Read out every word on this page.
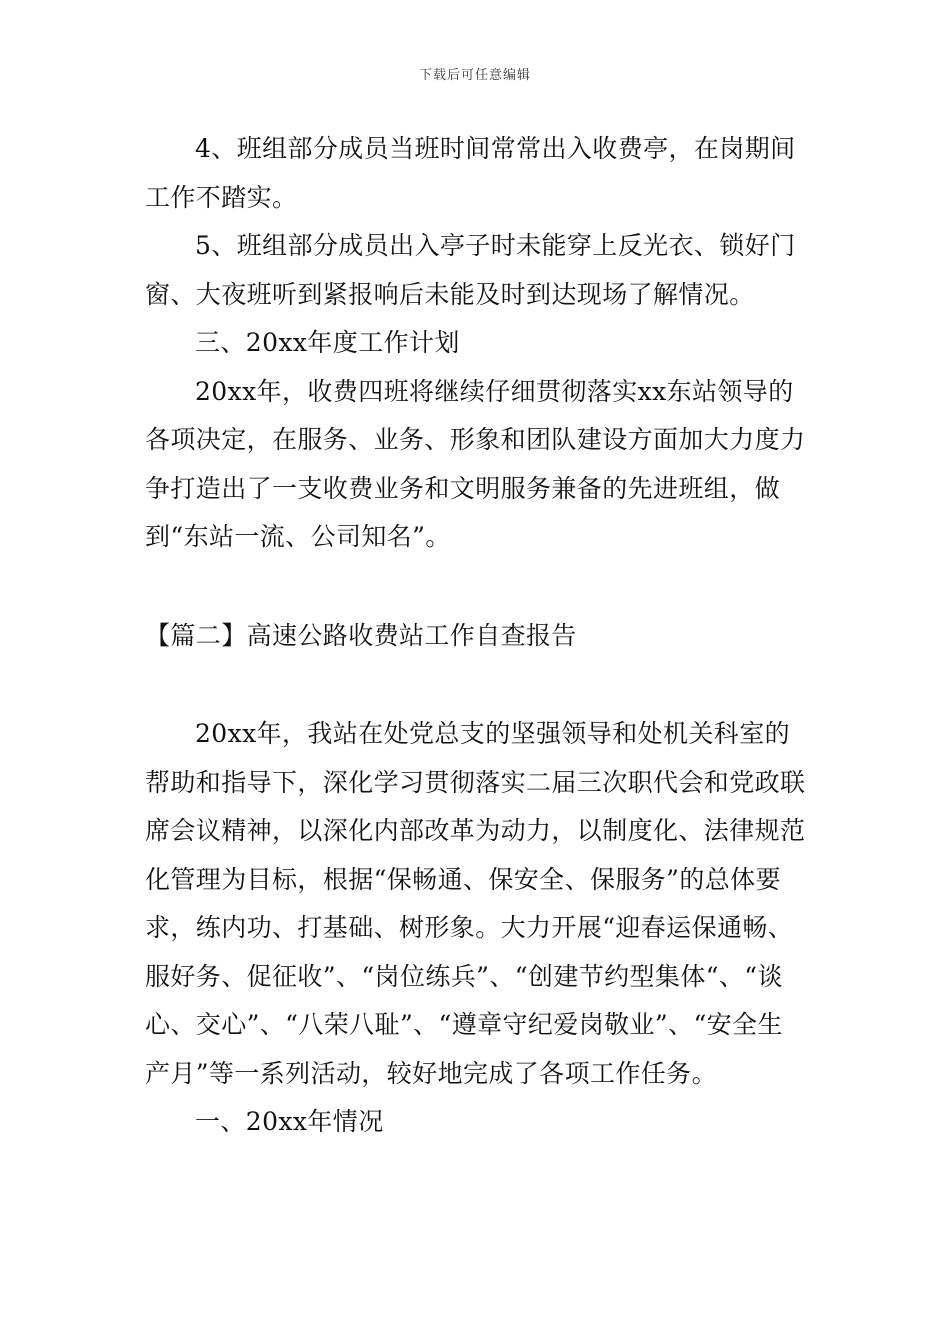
下载后可任意编辑

4、班组部分成员当班时间常常出入收费亭，在岗期间工作不踏实。

5、班组部分成员出入亭子时未能穿上反光衣、锁好门窗、大夜班听到紧报响后未能及时到达现场了解情况。

三、20xx年度工作计划

20xx年，收费四班将继续仔细贯彻落实xx东站领导的各项决定，在服务、业务、形象和团队建设方面加大力度力争打造出了一支收费业务和文明服务兼备的先进班组，做到“东站一流、公司知名”。

【篇二】高速公路收费站工作自查报告

20xx年，我站在处党总支的坚强领导和处机关科室的帮助和指导下，深化学习贯彻落实二届三次职代会和党政联席会议精神，以深化内部改革为动力，以制度化、法律规范化管理为目标，根据“保畅通、保安全、保服务”的总体要求，练内功、打基础、树形象。大力开展“迎春运保通畅、服好务、促征收”、“岗位练兵”、“创建节约型集体“、“谈心、交心”、“八荣八耻”、“遵章守纪爱岗敬业”、“安全生产月”等一系列活动，较好地完成了各项工作任务。

一、20xx年情况
